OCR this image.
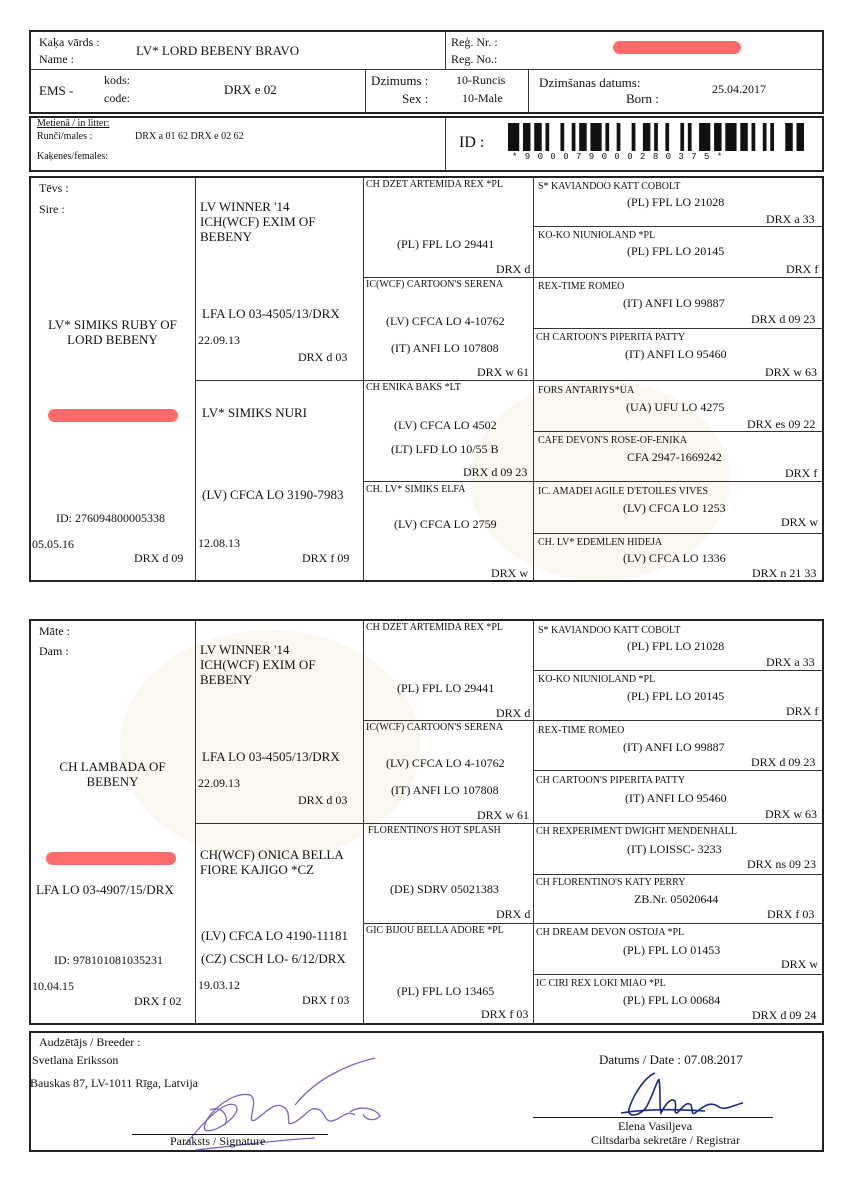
Kaķa vārds :
Name :
LV* LORD BEBENY BRAVO
Reģ. Nr. :
Reg. No.:
EMS -
kods:
code:
DRX e 02
Dzimums :
Sex :
10-Runcis
10-Male
Dzimšanas datums:
Born :
25.04.2017
Metienā / in litter:
Runči/males :	DRX a 01 62 DRX e 02 62
Kaķenes/females:
ID :
* 9 0 0 0 7 9 0 0 0 2 8 0 3 7 5 *
Tēvs :
Sire :
LV* SIMIKS RUBY OF
LORD BEBENY
ID: 276094800005338
05.05.16
DRX d 09
LV WINNER '14
ICH(WCF) EXIM OF
BEBENY
LFA LO 03-4505/13/DRX
22.09.13
DRX d 03
LV* SIMIKS NURI
(LV) CFCA LO 3190-7983
12.08.13
DRX f 09
CH DZET ARTEMIDA REX *PL
(PL) FPL LO 29441
DRX d
IC(WCF) CARTOON'S SERENA
(LV) CFCA LO 4-10762
(IT) ANFI LO 107808
DRX w 61
CH ENIKA BAKS *LT
(LV) CFCA LO 4502
(LT) LFD LO 10/55 B
DRX d 09 23
CH. LV* SIMIKS ELFA
(LV) CFCA LO 2759
DRX w
S* KAVIANDOO KATT COBOLT
(PL) FPL LO 21028
DRX a 33
KO-KO NIUNIOLAND *PL
(PL) FPL LO 20145
DRX f
REX-TIME ROMEO
(IT) ANFI LO 99887
DRX d 09 23
CH CARTOON'S PIPERITA PATTY
(IT) ANFI LO 95460
DRX w 63
FORS ANTARIYS*UA
(UA) UFU LO 4275
DRX es 09 22
CAFE DEVON'S ROSE-OF-ENIKA
CFA 2947-1669242
DRX f
IC. AMADEI AGILE D'ETOILES VIVES
(LV) CFCA LO 1253
DRX w
CH. LV* EDEMLEN HIDEJA
(LV) CFCA LO 1336
DRX n 21 33
Māte :
Dam :
CH LAMBADA OF
BEBENY
LFA LO 03-4907/15/DRX
ID: 978101081035231
10.04.15
DRX f 02
LV WINNER '14
ICH(WCF) EXIM OF
BEBENY
LFA LO 03-4505/13/DRX
22.09.13
DRX d 03
CH(WCF) ONICA BELLA
FIORE KAJIGO *CZ
(LV) CFCA LO 4190-11181
(CZ) CSCH LO- 6/12/DRX
19.03.12
DRX f 03
CH DZET ARTEMIDA REX *PL
(PL) FPL LO 29441
DRX d
IC(WCF) CARTOON'S SERENA
(LV) CFCA LO 4-10762
(IT) ANFI LO 107808
DRX w 61
FLORENTINO'S HOT SPLASH
(DE) SDRV 05021383
DRX d
GIC BIJOU BELLA ADORE *PL
(PL) FPL LO 13465
DRX f 03
S* KAVIANDOO KATT COBOLT
(PL) FPL LO 21028
DRX a 33
KO-KO NIUNIOLAND *PL
(PL) FPL LO 20145
DRX f
REX-TIME ROMEO
(IT) ANFI LO 99887
DRX d 09 23
CH CARTOON'S PIPERITA PATTY
(IT) ANFI LO 95460
DRX w 63
CH REXPERIMENT DWIGHT MENDENHALL
(IT) LOISSC- 3233
DRX ns 09 23
CH FLORENTINO'S KATY PERRY
ZB.Nr. 05020644
DRX f 03
CH DREAM DEVON OSTOJA *PL
(PL) FPL LO 01453
DRX w
IC CIRI REX LOKI MIAO *PL
(PL) FPL LO 00684
DRX d 09 24
Audzētājs / Breeder :
Svetlana Eriksson
Bauskas 87, LV-1011 Rīga, Latvija
Paraksts / Signature
Datums / Date : 07.08.2017
Elena Vasiljeva
Ciltsdarba sekretāre / Registrar
